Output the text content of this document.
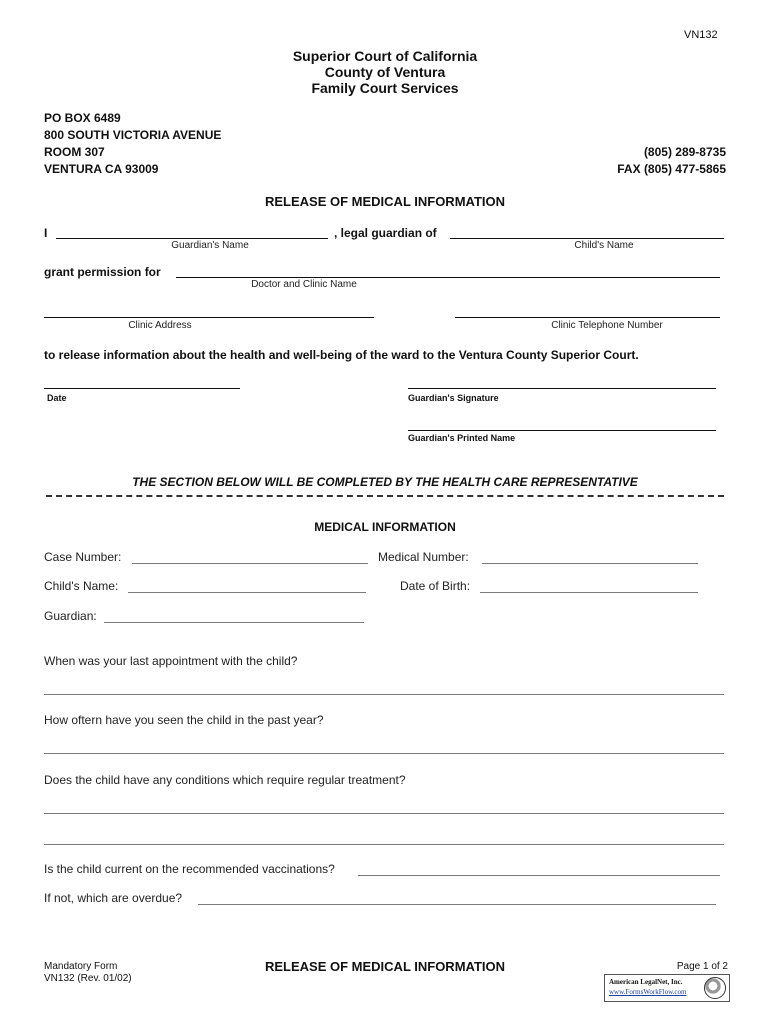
VN132
Superior Court of California
County of Ventura
Family Court Services
PO BOX 6489
800 SOUTH VICTORIA AVENUE
ROOM 307
VENTURA CA 93009
(805) 289-8735
FAX (805) 477-5865
RELEASE OF MEDICAL INFORMATION
I	, legal guardian of
Guardian's Name	Child's Name
grant permission for
Doctor and Clinic Name
Clinic Address	Clinic Telephone Number
to release information about the health and well-being of the ward to the Ventura County Superior Court.
Date	Guardian's Signature
Guardian's Printed Name
THE SECTION BELOW WILL BE COMPLETED BY THE HEALTH CARE REPRESENTATIVE
MEDICAL INFORMATION
Case Number:	Medical Number:
Child's Name:	Date of Birth:
Guardian:
When was your last appointment with the child?
How oftern have you seen the child in the past year?
Does the child have any conditions which require regular treatment?
Is the child current on the recommended vaccinations?
If not, which are overdue?
Mandatory Form
VN132 (Rev. 01/02)
RELEASE OF MEDICAL INFORMATION	Page 1 of 2
American LegalNet, Inc.
www.FormsWorkFlow.com
